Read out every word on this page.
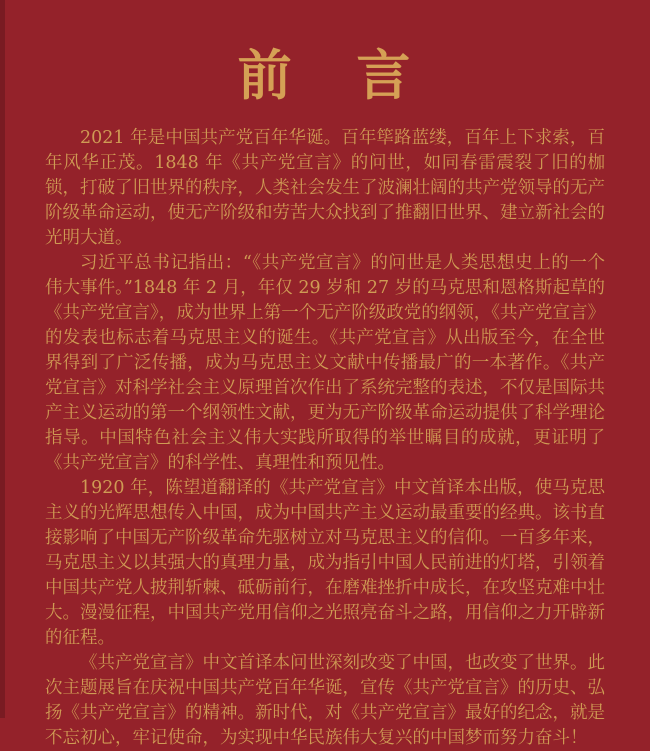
前 言

2021 年是中国共产党百年华诞。百年筚路蓝缕，百年上下求索，百年风华正茂。1848 年《共产党宣言》的问世，如同春雷震裂了旧的枷锁，打破了旧世界的秩序，人类社会发生了波澜壮阔的共产党领导的无产阶级革命运动，使无产阶级和劳苦大众找到了推翻旧世界、建立新社会的光明大道。

习近平总书记指出：“《共产党宣言》的问世是人类思想史上的一个伟大事件。”1848 年 2 月，年仅 29 岁和 27 岁的马克思和恩格斯起草的《共产党宣言》，成为世界上第一个无产阶级政党的纲领，《共产党宣言》的发表也标志着马克思主义的诞生。《共产党宣言》从出版至今，在全世界得到了广泛传播，成为马克思主义文献中传播最广的一本著作。《共产党宣言》对科学社会主义原理首次作出了系统完整的表述，不仅是国际共产主义运动的第一个纲领性文献，更为无产阶级革命运动提供了科学理论指导。中国特色社会主义伟大实践所取得的举世瞩目的成就，更证明了《共产党宣言》的科学性、真理性和预见性。

1920 年，陈望道翻译的《共产党宣言》中文首译本出版，使马克思主义的光辉思想传入中国，成为中国共产主义运动最重要的经典。该书直接影响了中国无产阶级革命先驱树立对马克思主义的信仰。一百多年来，马克思主义以其强大的真理力量，成为指引中国人民前进的灯塔，引领着中国共产党人披荆斩棘、砥砺前行，在磨难挫折中成长，在攻坚克难中壮大。漫漫征程，中国共产党用信仰之光照亮奋斗之路，用信仰之力开辟新的征程。

《共产党宣言》中文首译本问世深刻改变了中国，也改变了世界。此次主题展旨在庆祝中国共产党百年华诞，宣传《共产党宣言》的历史、弘扬《共产党宣言》的精神。新时代，对《共产党宣言》最好的纪念，就是不忘初心，牢记使命，为实现中华民族伟大复兴的中国梦而努力奋斗！
